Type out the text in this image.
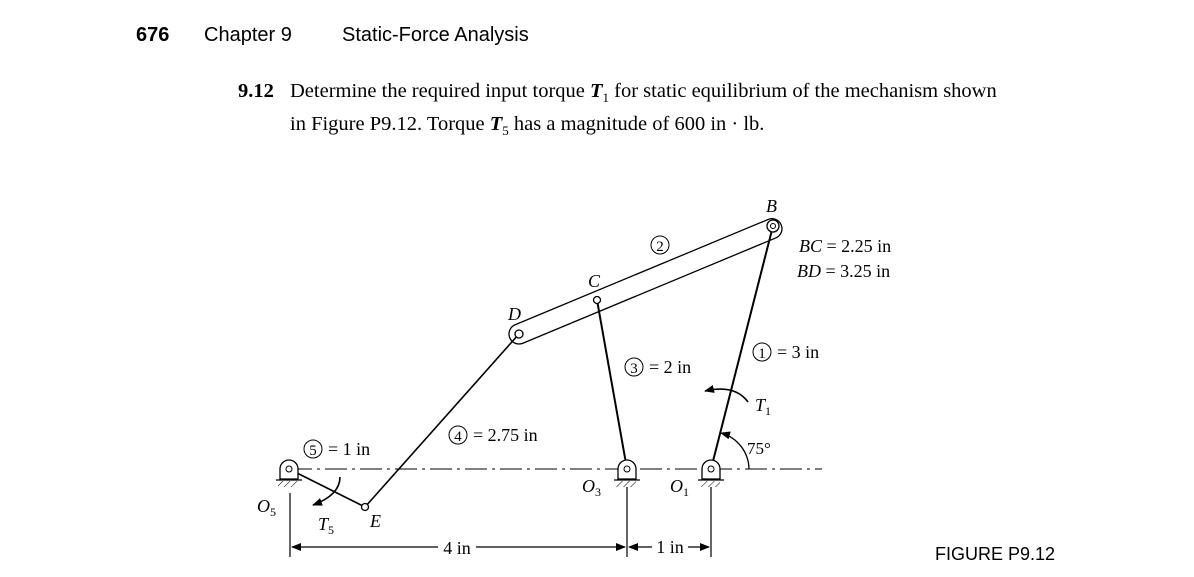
676 Chapter 9	Static-Force Analysis
9.12 Determine the required input torque $T_1$ for static equilibrium of the mechanism shown
in Figure P9.12. Torque $T_5$ has a magnitude of 600 in · lb.
B
C
D
E
$O_5$
$O_3$	$O_1$
2
1 = 3 in
3 = 2 in
4 = 2.75 in
5 = 1 in
BC = 2.25 in
BD = 3.25 in
$T_1$
$T_5$
75°
4 in	1 in	FIGURE P9.12
